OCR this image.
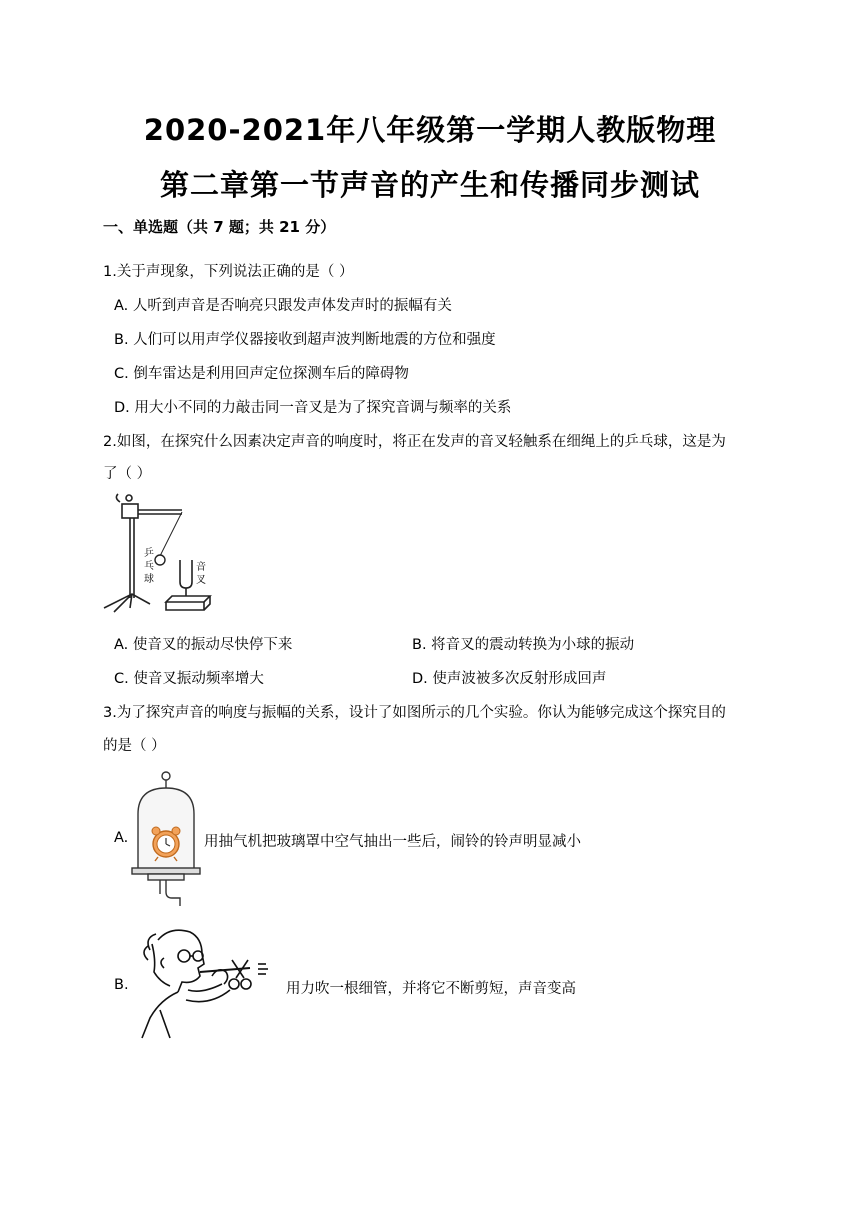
2020-2021年八年级第一学期人教版物理
第二章第一节声音的产生和传播同步测试
一、单选题（共 7 题；共 21 分）
1.关于声现象，下列说法正确的是（ ）
A. 人听到声音是否响亮只跟发声体发声时的振幅有关
B. 人们可以用声学仪器接收到超声波判断地震的方位和强度
C. 倒车雷达是利用回声定位探测车后的障碍物
D. 用大小不同的力敲击同一音叉是为了探究音调与频率的关系
2.如图，在探究什么因素决定声音的响度时，将正在发声的音叉轻触系在细绳上的乒乓球，这是为
了（ ）
乒
乓
球
音
叉
A. 使音叉的振动尽快停下来	B. 将音叉的震动转换为小球的振动
C. 使音叉振动频率增大	D. 使声波被多次反射形成回声
3.为了探究声音的响度与振幅的关系，设计了如图所示的几个实验。你认为能够完成这个探究目的
的是（ ）
A.	用抽气机把玻璃罩中空气抽出一些后，闹铃的铃声明显减小
B.	用力吹一根细管，并将它不断剪短，声音变高
